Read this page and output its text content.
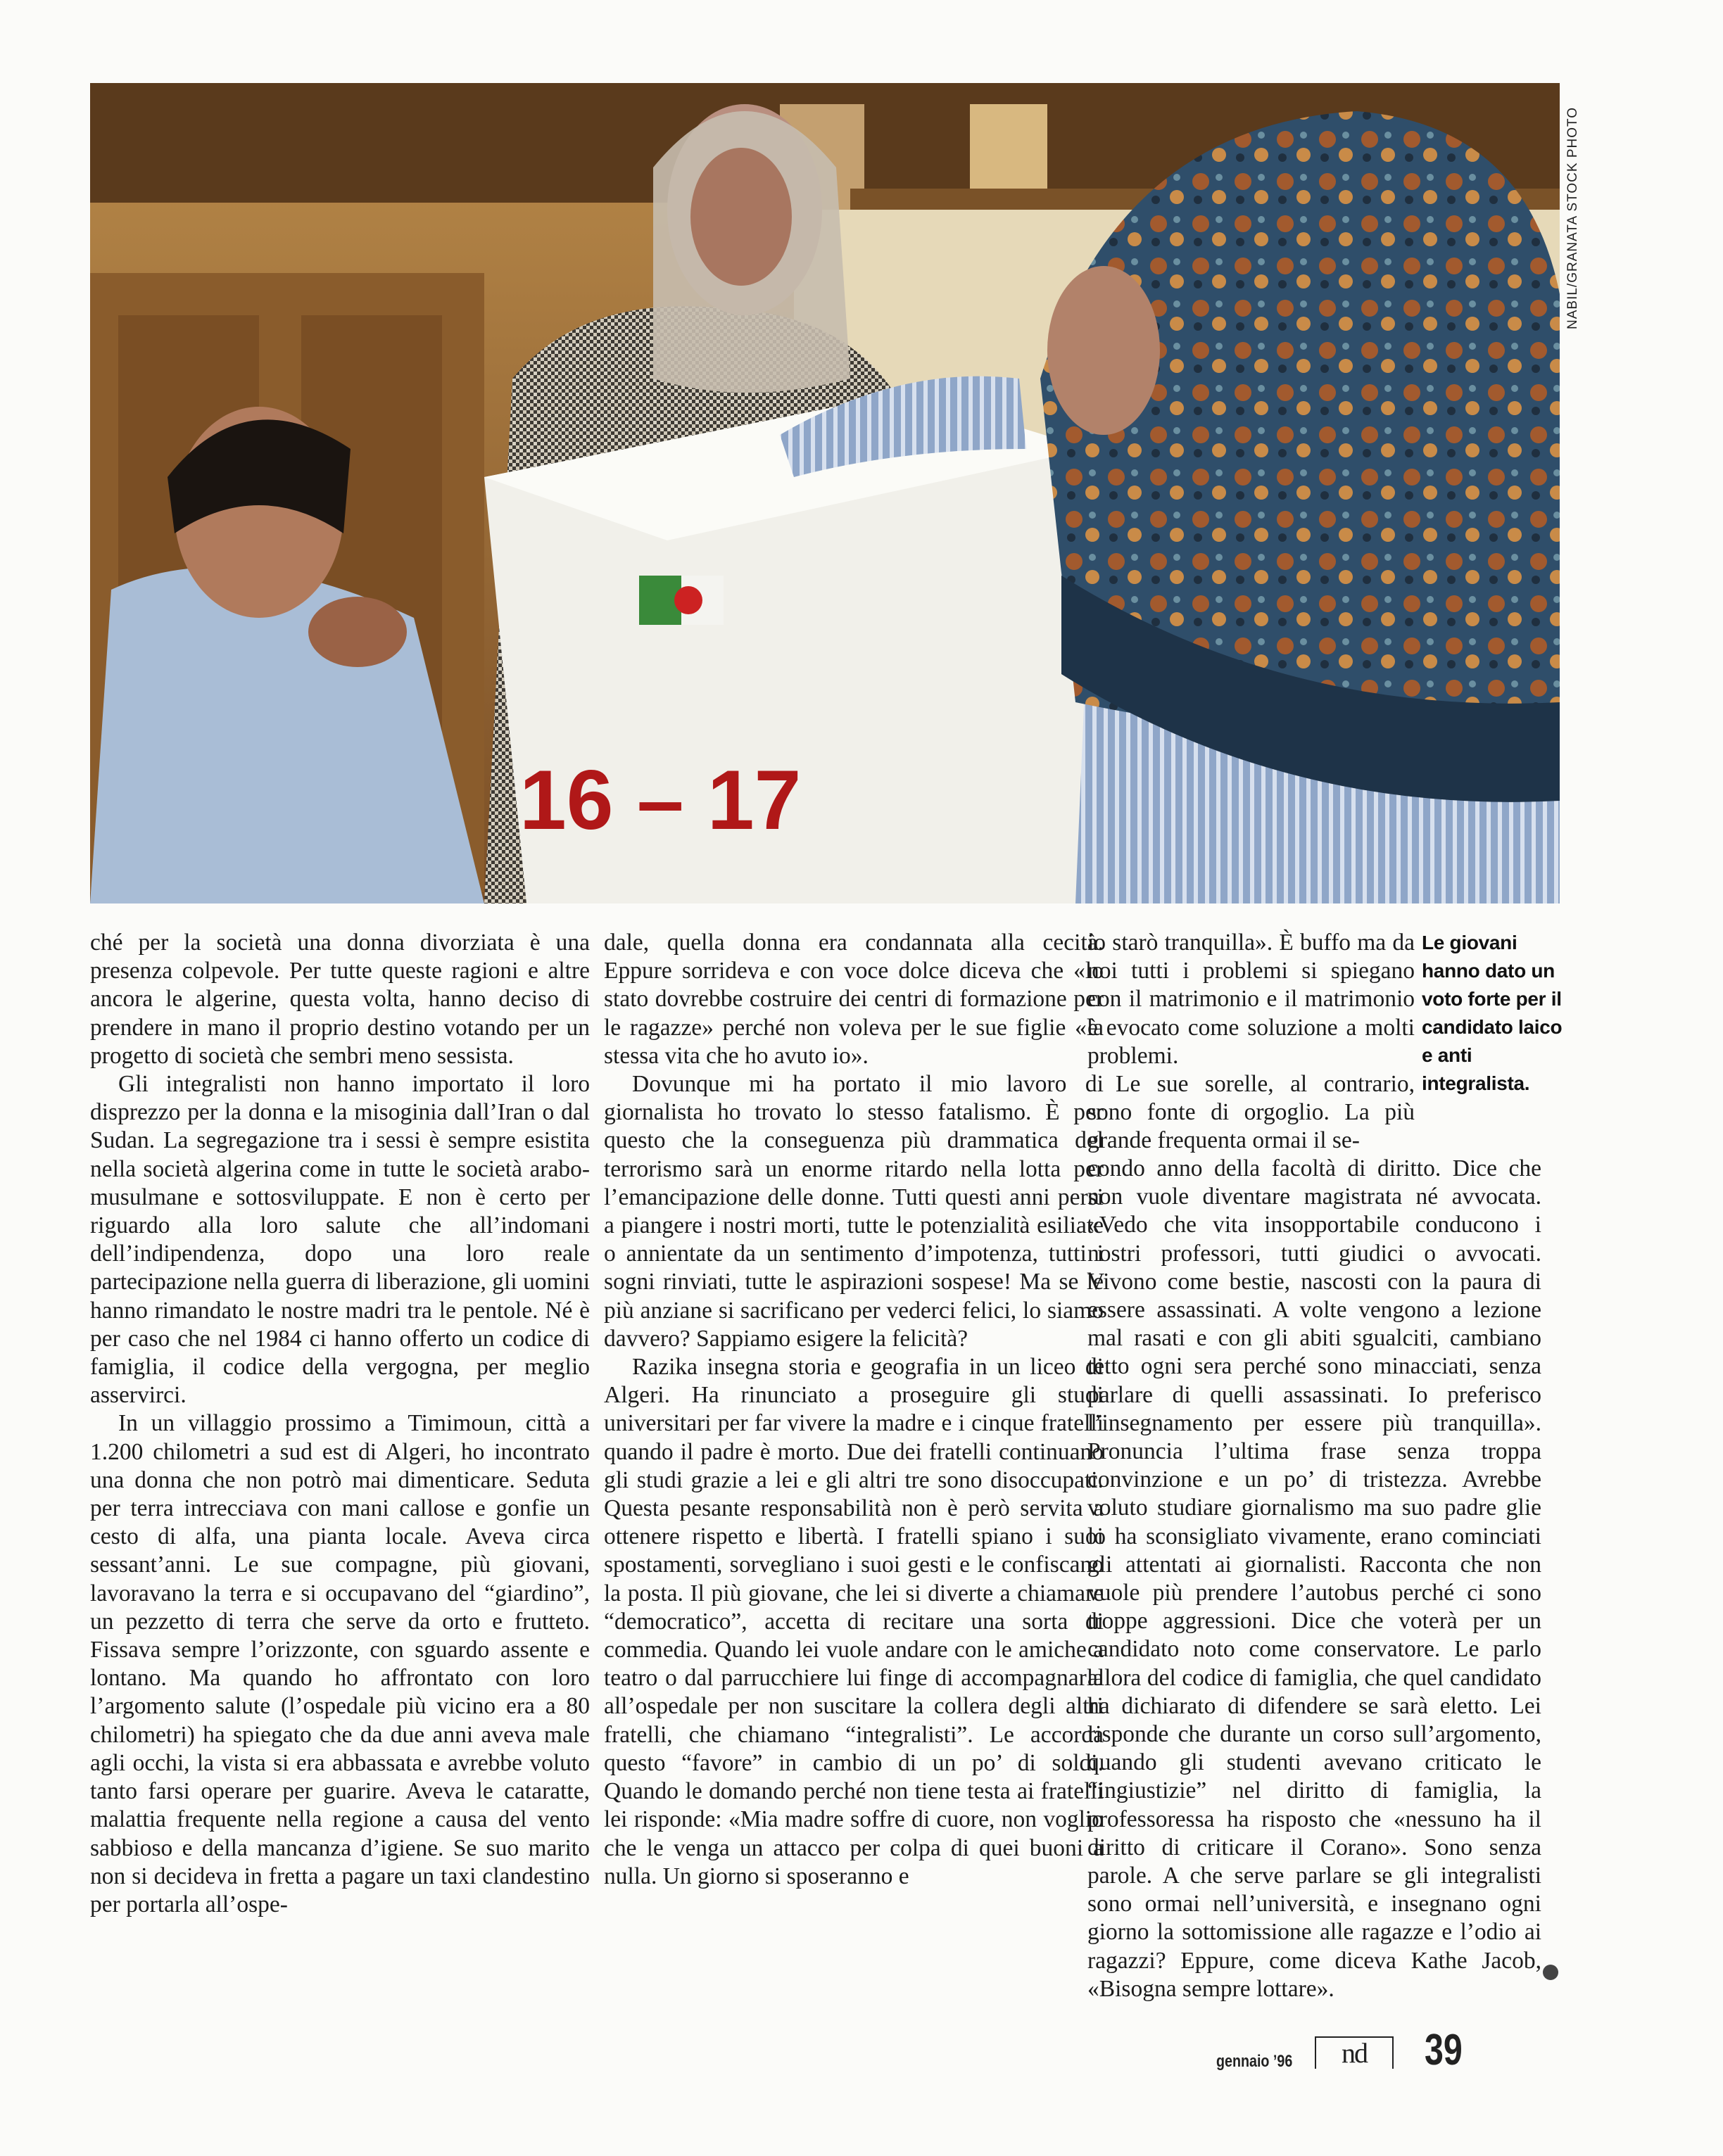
16 – 17
NABIL/GRANATA STOCK PHOTO

ché per la società una donna divorziata è una presenza colpevole. Per tutte queste ragioni e altre ancora le algerine, questa volta, hanno deciso di prendere in mano il proprio destino votando per un progetto di società che sembri meno sessista.

Gli integralisti non hanno importato il loro disprezzo per la donna e la misoginia dall’Iran o dal Sudan. La segregazione tra i sessi è sempre esistita nella società algerina come in tutte le società arabo-musulmane e sottosviluppate. E non è certo per riguardo alla loro salute che all’indomani dell’indipendenza, dopo una loro reale partecipazione nella guerra di liberazione, gli uomini hanno rimandato le nostre madri tra le pentole. Né è per caso che nel 1984 ci hanno offerto un codice di famiglia, il codice della vergogna, per meglio asservirci.

In un villaggio prossimo a Timimoun, città a 1.200 chilometri a sud est di Algeri, ho incontrato una donna che non potrò mai dimenticare. Seduta per terra intrecciava con mani callose e gonfie un cesto di alfa, una pianta locale. Aveva circa sessant’anni. Le sue compagne, più giovani, lavoravano la terra e si occupavano del “giardino”, un pezzetto di terra che serve da orto e frutteto. Fissava sempre l’orizzonte, con sguardo assente e lontano. Ma quando ho affrontato con loro l’argomento salute (l’ospedale più vicino era a 80 chilometri) ha spiegato che da due anni aveva male agli occhi, la vista si era abbassata e avrebbe voluto tanto farsi operare per guarire. Aveva le cataratte, malattia frequente nella regione a causa del vento sabbioso e della mancanza d’igiene. Se suo marito non si decideva in fretta a pagare un taxi clandestino per portarla all’ospe-

dale, quella donna era condannata alla cecità. Eppure sorrideva e con voce dolce diceva che «lo stato dovrebbe costruire dei centri di formazione per le ragazze» perché non voleva per le sue figlie «la stessa vita che ho avuto io».

Dovunque mi ha portato il mio lavoro di giornalista ho trovato lo stesso fatalismo. È per questo che la conseguenza più drammatica del terrorismo sarà un enorme ritardo nella lotta per l’emancipazione delle donne. Tutti questi anni persi a piangere i nostri morti, tutte le potenzialità esiliate o annientate da un sentimento d’impotenza, tutti i sogni rinviati, tutte le aspirazioni sospese! Ma se le più anziane si sacrificano per vederci felici, lo siamo davvero? Sappiamo esigere la felicità?

Razika insegna storia e geografia in un liceo di Algeri. Ha rinunciato a proseguire gli studi universitari per far vivere la madre e i cinque fratelli quando il padre è morto. Due dei fratelli continuano gli studi grazie a lei e gli altri tre sono disoccupati. Questa pesante responsabilità non è però servita a ottenere rispetto e libertà. I fratelli spiano i suoi spostamenti, sorvegliano i suoi gesti e le confiscano la posta. Il più giovane, che lei si diverte a chiamare “democratico”, accetta di recitare una sorta di commedia. Quando lei vuole andare con le amiche a teatro o dal parrucchiere lui finge di accompagnarla all’ospedale per non suscitare la collera degli altri fratelli, che chiamano “integralisti”. Le accorda questo “favore” in cambio di un po’ di soldi. Quando le domando perché non tiene testa ai fratelli lei risponde: «Mia madre soffre di cuore, non voglio che le venga un attacco per colpa di quei buoni a nulla. Un giorno si sposeranno e

io starò tranquilla». È buffo ma da noi tutti i problemi si spiegano con il matrimonio e il matrimonio è evocato come soluzione a molti problemi.

Le sue sorelle, al contrario, sono fonte di orgoglio. La più grande frequenta ormai il se-

condo anno della facoltà di diritto. Dice che non vuole diventare magistrata né avvocata. «Vedo che vita insopportabile conducono i nostri professori, tutti giudici o avvocati. Vivono come bestie, nascosti con la paura di essere assassinati. A volte vengono a lezione mal rasati e con gli abiti sgualciti, cambiano tetto ogni sera perché sono minacciati, senza parlare di quelli assassinati. Io preferisco l’insegnamento per essere più tranquilla». Pronuncia l’ultima frase senza troppa convinzione e un po’ di tristezza. Avrebbe voluto studiare giornalismo ma suo padre glie lo ha sconsigliato vivamente, erano cominciati gli attentati ai giornalisti. Racconta che non vuole più prendere l’autobus perché ci sono troppe aggressioni. Dice che voterà per un candidato noto come conservatore. Le parlo allora del codice di famiglia, che quel candidato ha dichiarato di difendere se sarà eletto. Lei risponde che durante un corso sull’argomento, quando gli studenti avevano criticato le “ingiustizie” nel diritto di famiglia, la professoressa ha risposto che «nessuno ha il diritto di criticare il Corano». Sono senza parole. A che serve parlare se gli integralisti sono ormai nell’università, e insegnano ogni giorno la sottomissione alle ragazze e l’odio ai ragazzi? Eppure, come diceva Kathe Jacob, «Bisogna sempre lottare».

Le giovani hanno dato un voto forte per il candidato laico e anti integralista.
gennaio ’96	nd	39
